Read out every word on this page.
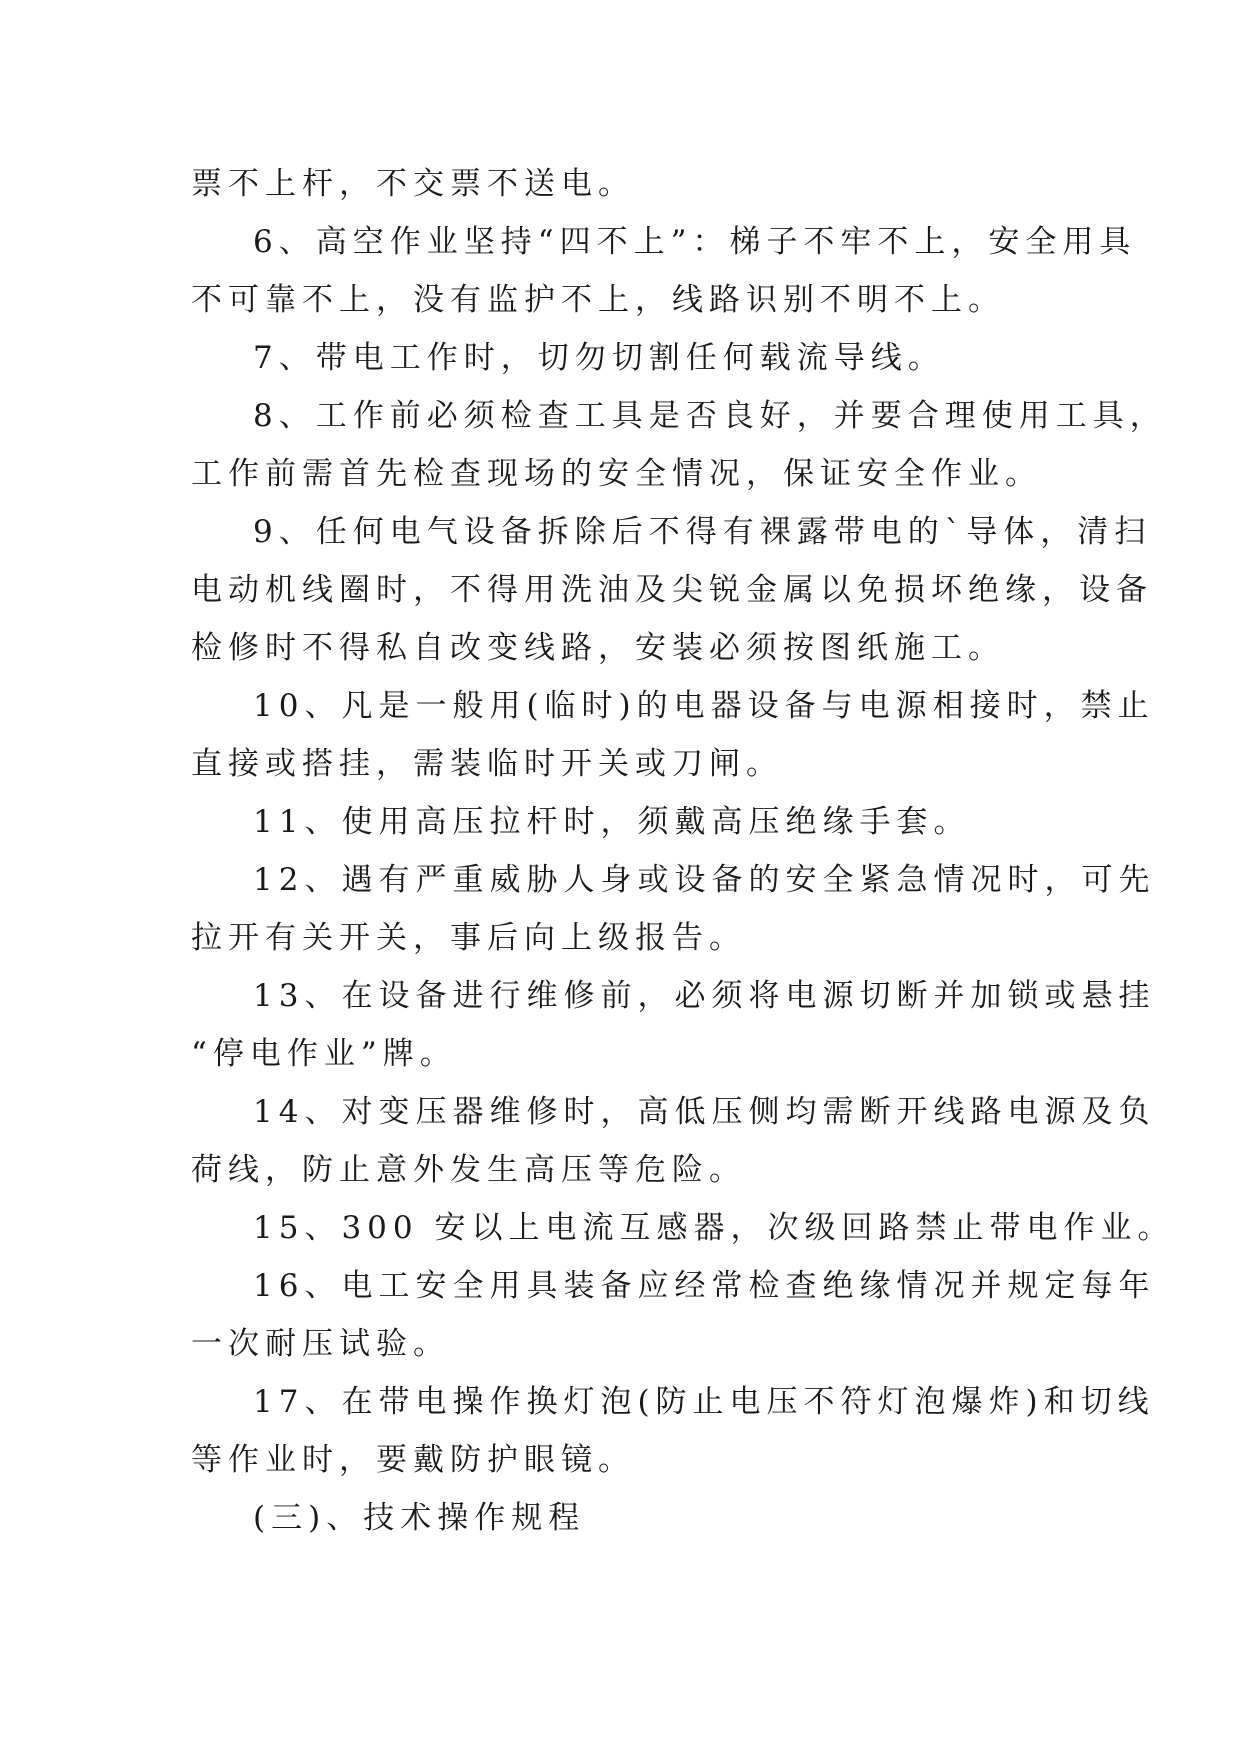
票不上杆，不交票不送电。
6、高空作业坚持“四不上”：梯子不牢不上，安全用具
不可靠不上，没有监护不上，线路识别不明不上。
7、带电工作时，切勿切割任何载流导线。
8、工作前必须检查工具是否良好，并要合理使用工具，
工作前需首先检查现场的安全情况，保证安全作业。
9、任何电气设备拆除后不得有裸露带电的`导体，清扫
电动机线圈时，不得用洗油及尖锐金属以免损坏绝缘，设备
检修时不得私自改变线路，安装必须按图纸施工。
10、凡是一般用(临时)的电器设备与电源相接时，禁止
直接或搭挂，需装临时开关或刀闸。
11、使用高压拉杆时，须戴高压绝缘手套。
12、遇有严重威胁人身或设备的安全紧急情况时，可先
拉开有关开关，事后向上级报告。
13、在设备进行维修前，必须将电源切断并加锁或悬挂
“停电作业”牌。
14、对变压器维修时，高低压侧均需断开线路电源及负
荷线，防止意外发生高压等危险。
15、300 安以上电流互感器，次级回路禁止带电作业。
16、电工安全用具装备应经常检查绝缘情况并规定每年
一次耐压试验。
17、在带电操作换灯泡(防止电压不符灯泡爆炸)和切线
等作业时，要戴防护眼镜。
(三)、技术操作规程
